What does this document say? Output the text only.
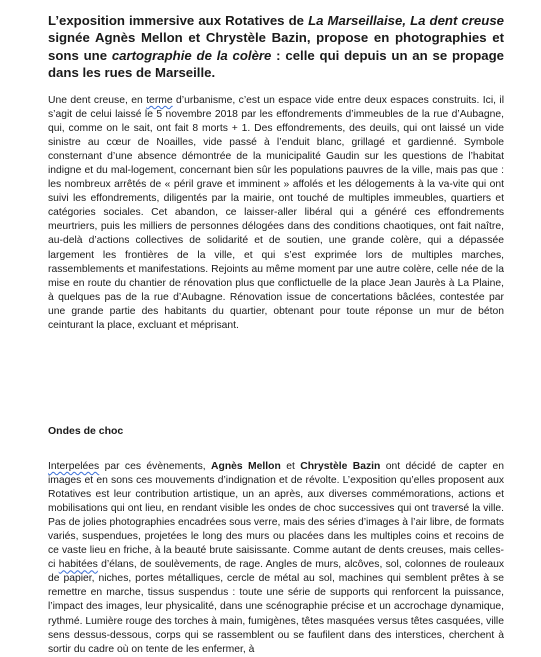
L’exposition immersive aux Rotatives de La Marseillaise, La dent creuse signée Agnès Mellon et Chrystèle Bazin, propose en photographies et sons une cartographie de la colère : celle qui depuis un an se propage dans les rues de Marseille.

Une dent creuse, en terme d’urbanisme, c’est un espace vide entre deux espaces construits. Ici, il s’agit de celui laissé le 5 novembre 2018 par les effondrements d’immeubles de la rue d’Aubagne, qui, comme on le sait, ont fait 8 morts + 1. Des effondrements, des deuils, qui ont laissé un vide sinistre au cœur de Noailles, vide passé à l’enduit blanc, grillagé et gardienné. Symbole consternant d’une absence démontrée de la municipalité Gaudin sur les questions de l’habitat indigne et du mal-logement, concernant bien sûr les populations pauvres de la ville, mais pas que : les nombreux arrêtés de « péril grave et imminent » affolés et les délogements à la va-vite qui ont suivi les effondrements, diligentés par la mairie, ont touché de multiples immeubles, quartiers et catégories sociales. Cet abandon, ce laisser-aller libéral qui a généré ces effondrements meurtriers, puis les milliers de personnes délogées dans des conditions chaotiques, ont fait naître, au-delà d’actions collectives de solidarité et de soutien, une grande colère, qui a dépassée largement les frontières de la ville, et qui s’est exprimée lors de multiples marches, rassemblements et manifestations. Rejoints au même moment par une autre colère, celle née de la mise en route du chantier de rénovation plus que conflictuelle de la place Jean Jaurès à La Plaine, à quelques pas de la rue d’Aubagne. Rénovation issue de concertations bâclées, contestée par une grande partie des habitants du quartier, obtenant pour toute réponse un mur de béton ceinturant la place, excluant et méprisant.

Ondes de choc

Interpelées par ces évènements, Agnès Mellon et Chrystèle Bazin ont décidé de capter en images et en sons ces mouvements d’indignation et de révolte. L’exposition qu’elles proposent aux Rotatives est leur contribution artistique, un an après, aux diverses commémorations, actions et mobilisations qui ont lieu, en rendant visible les ondes de choc successives qui ont traversé la ville. Pas de jolies photographies encadrées sous verre, mais des séries d’images à l’air libre, de formats variés, suspendues, projetées le long des murs ou placées dans les multiples coins et recoins de ce vaste lieu en friche, à la beauté brute saisissante. Comme autant de dents creuses, mais celles-ci habitées d’élans, de soulèvements, de rage. Angles de murs, alcôves, sol, colonnes de rouleaux de papier, niches, portes métalliques, cercle de métal au sol, machines qui semblent prêtes à se remettre en marche, tissus suspendus : toute une série de supports qui renforcent la puissance, l’impact des images, leur physicalité, dans une scénographie précise et un accrochage dynamique, rythmé. Lumière rouge des torches à main, fumigènes, têtes masquées versus têtes casquées, ville sens dessus-dessous, corps qui se rassemblent ou se faufilent dans des interstices, cherchent à sortir du cadre où on tente de les enfermer, à
